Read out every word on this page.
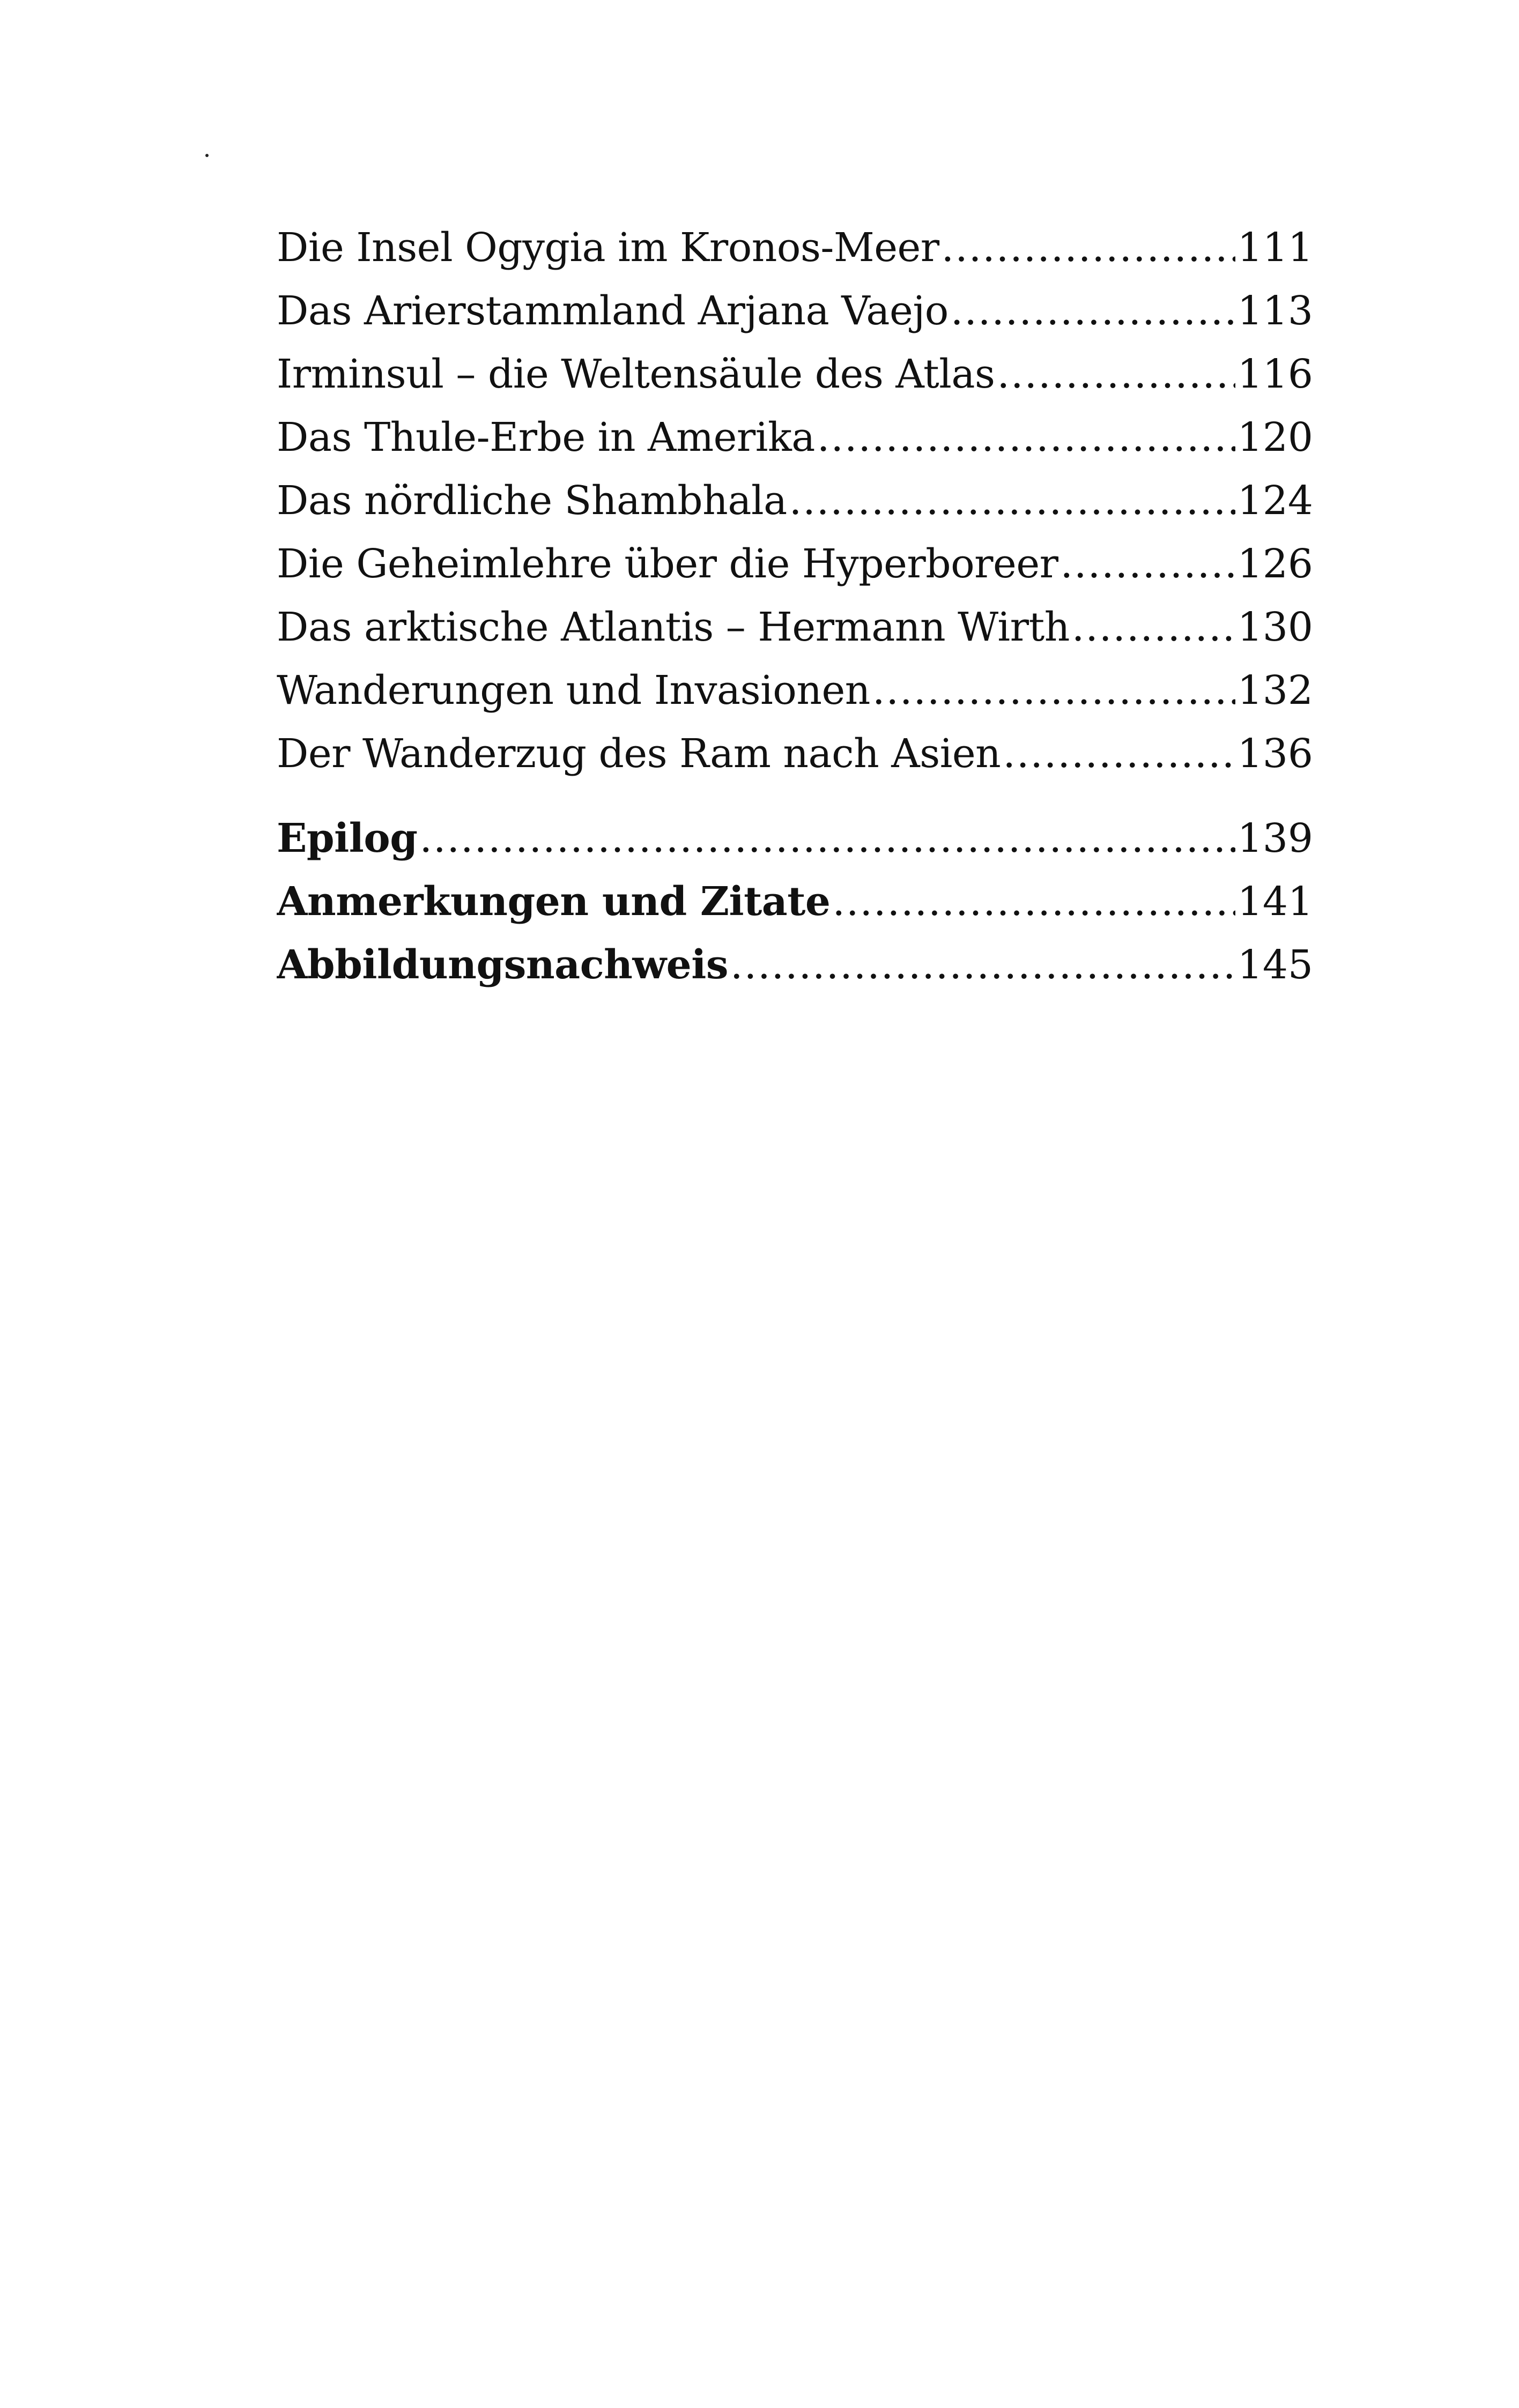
Die Insel Ogygia im Kronos-Meer .....	111
Das Arierstammland Arjana Vaejo .....	113
Irminsul – die Weltensäule des Atlas .....	116
Das Thule-Erbe in Amerika .....	120
Das nördliche Shambhala .....	124
Die Geheimlehre über die Hyperboreer .....	126
Das arktische Atlantis – Hermann Wirth .....	130
Wanderungen und Invasionen .....	132
Der Wanderzug des Ram nach Asien .....	136
Epilog .....	139
Anmerkungen und Zitate .....	141
Abbildungsnachweis .....	145
